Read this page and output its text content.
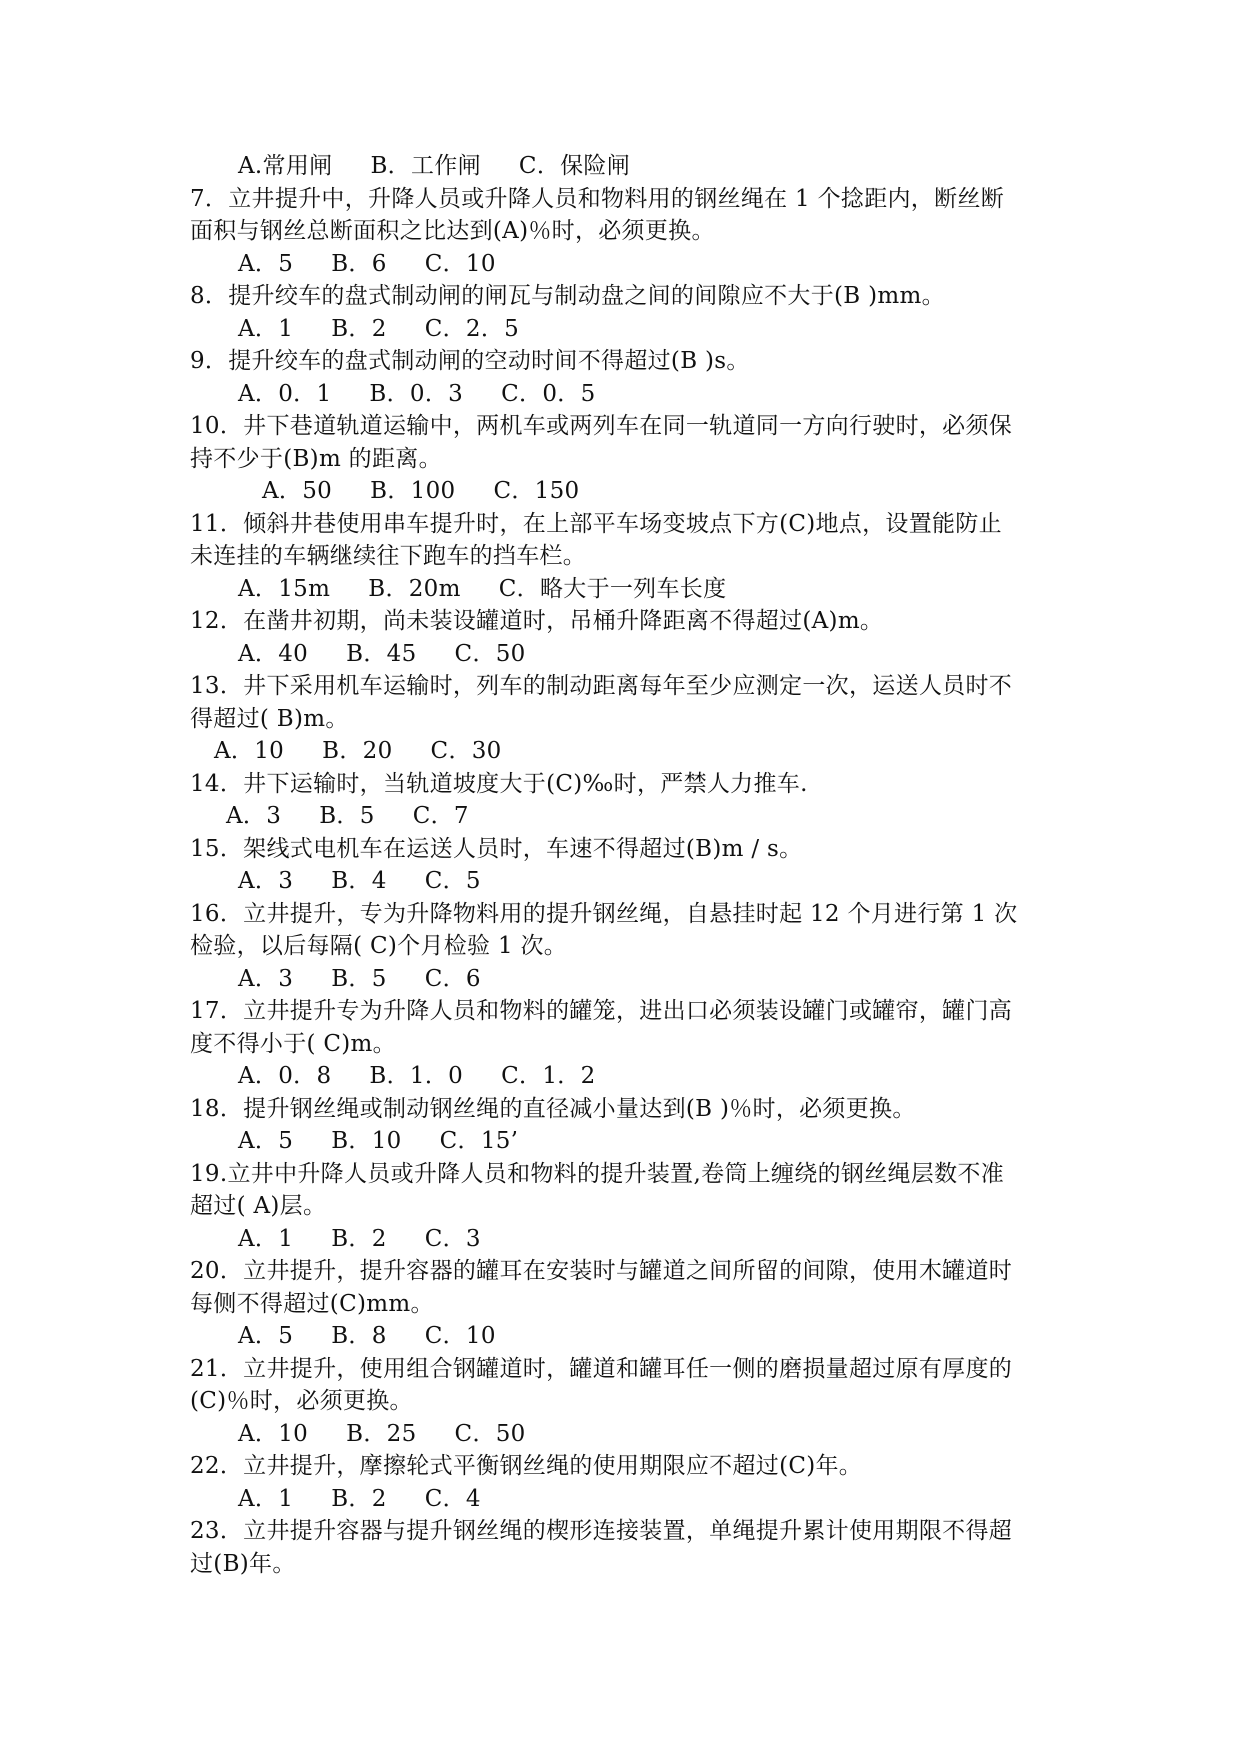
A.常用闸     B．工作闸     C．保险闸
7．立井提升中，升降人员或升降人员和物料用的钢丝绳在 1 个捻距内，断丝断
面积与钢丝总断面积之比达到(A)％时，必须更换。
A．5     B．6     C．10
8．提升绞车的盘式制动闸的闸瓦与制动盘之间的间隙应不大于(B )mm。
A．1     B．2     C．2．5
9．提升绞车的盘式制动闸的空动时间不得超过(B )s。
A．0．1     B．0．3     C．0．5
10．井下巷道轨道运输中，两机车或两列车在同一轨道同一方向行驶时，必须保
持不少于(B)m 的距离。
A．50     B．100     C．150
11．倾斜井巷使用串车提升时，在上部平车场变坡点下方(C)地点，设置能防止
未连挂的车辆继续往下跑车的挡车栏。
A．15m     B．20m     C．略大于一列车长度
12．在凿井初期，尚未装设罐道时，吊桶升降距离不得超过(A)m。
A．40     B．45     C．50
13．井下采用机车运输时，列车的制动距离每年至少应测定一次，运送人员时不
得超过( B)m。
A．10     B．20     C．30
14．井下运输时，当轨道坡度大于(C)‰时，严禁人力推车.
A．3     B．5     C．7
15．架线式电机车在运送人员时，车速不得超过(B)m / s。
A．3     B．4     C．5
16．立井提升，专为升降物料用的提升钢丝绳，自悬挂时起 12 个月进行第 1 次
检验，以后每隔( C)个月检验 1 次。
A．3     B．5     C．6
17．立井提升专为升降人员和物料的罐笼，进出口必须装设罐门或罐帘，罐门高
度不得小于( C)m。
A．0．8     B．1．0     C．1．2
18．提升钢丝绳或制动钢丝绳的直径减小量达到(B )％时，必须更换。
A．5     B．10     C．15’
19.立井中升降人员或升降人员和物料的提升装置,卷筒上缠绕的钢丝绳层数不准
超过( A)层。
A．1     B．2     C．3
20．立井提升，提升容器的罐耳在安装时与罐道之间所留的间隙，使用木罐道时
每侧不得超过(C)mm。
A．5     B．8     C．10
21．立井提升，使用组合钢罐道时，罐道和罐耳任一侧的磨损量超过原有厚度的
(C)％时，必须更换。
A．10     B．25     C．50
22．立井提升，摩擦轮式平衡钢丝绳的使用期限应不超过(C)年。
A．1     B．2     C．4
23．立井提升容器与提升钢丝绳的楔形连接装置，单绳提升累计使用期限不得超
过(B)年。
